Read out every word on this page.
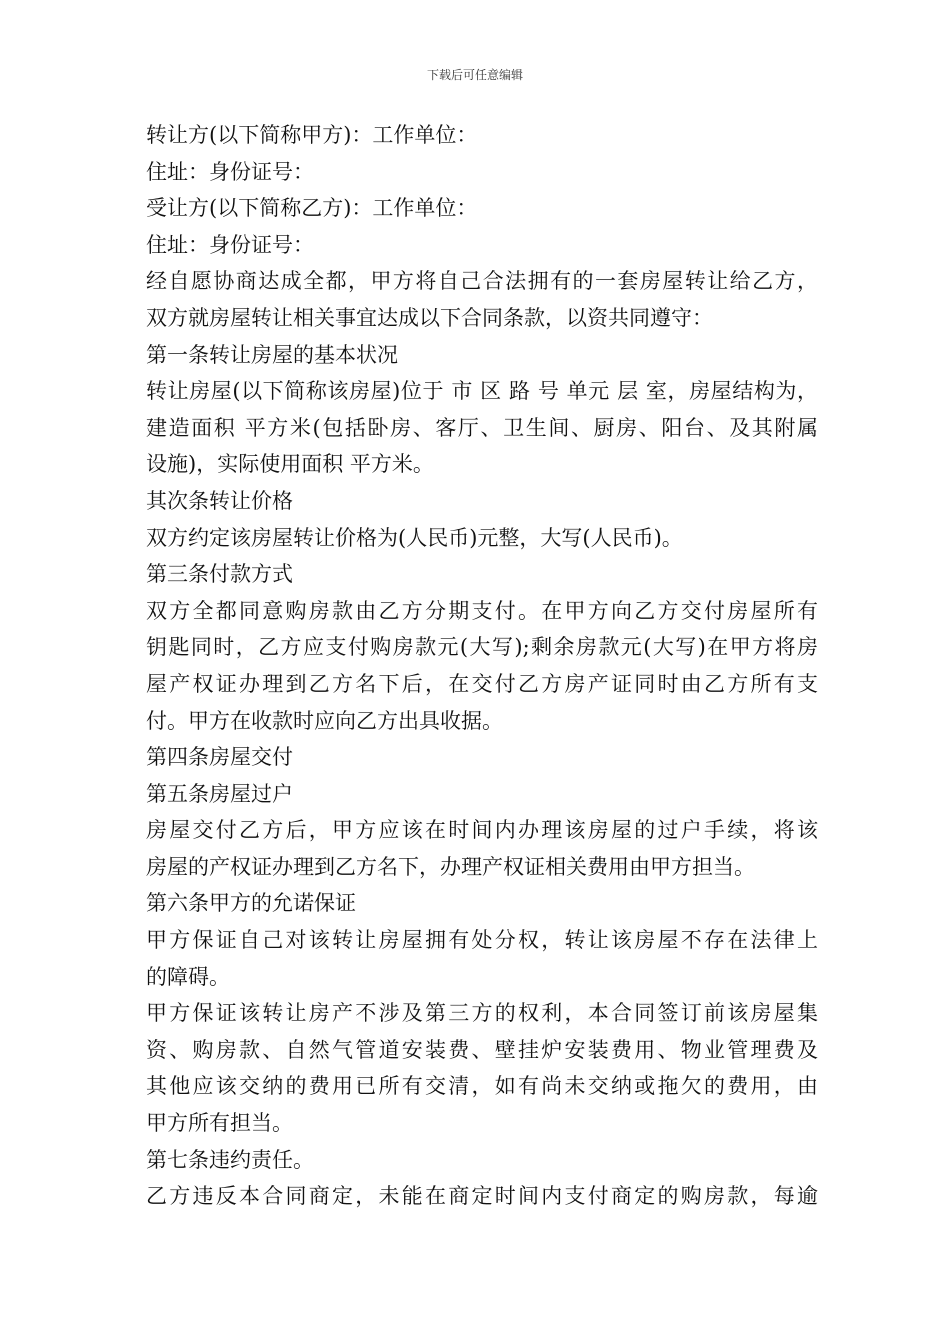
下载后可任意编辑
转让方(以下简称甲方)：工作单位：
住址：身份证号：
受让方(以下简称乙方)：工作单位：
住址：身份证号：
经自愿协商达成全都，甲方将自己合法拥有的一套房屋转让给乙方，
双方就房屋转让相关事宜达成以下合同条款，以资共同遵守：
第一条转让房屋的基本状况
转让房屋(以下简称该房屋)位于 市 区 路 号 单元 层 室，房屋结构为，
建造面积 平方米(包括卧房、客厅、卫生间、厨房、阳台、及其附属
设施)，实际使用面积 平方米。
其次条转让价格
双方约定该房屋转让价格为(人民币)元整，大写(人民币)。
第三条付款方式
双方全都同意购房款由乙方分期支付。在甲方向乙方交付房屋所有
钥匙同时，乙方应支付购房款元(大写);剩余房款元(大写)在甲方将房
屋产权证办理到乙方名下后，在交付乙方房产证同时由乙方所有支
付。甲方在收款时应向乙方出具收据。
第四条房屋交付
第五条房屋过户
房屋交付乙方后，甲方应该在时间内办理该房屋的过户手续，将该
房屋的产权证办理到乙方名下，办理产权证相关费用由甲方担当。
第六条甲方的允诺保证
甲方保证自己对该转让房屋拥有处分权，转让该房屋不存在法律上
的障碍。
甲方保证该转让房产不涉及第三方的权利，本合同签订前该房屋集
资、购房款、自然气管道安装费、壁挂炉安装费用、物业管理费及
其他应该交纳的费用已所有交清，如有尚未交纳或拖欠的费用，由
甲方所有担当。
第七条违约责任。
乙方违反本合同商定，未能在商定时间内支付商定的购房款，每逾
